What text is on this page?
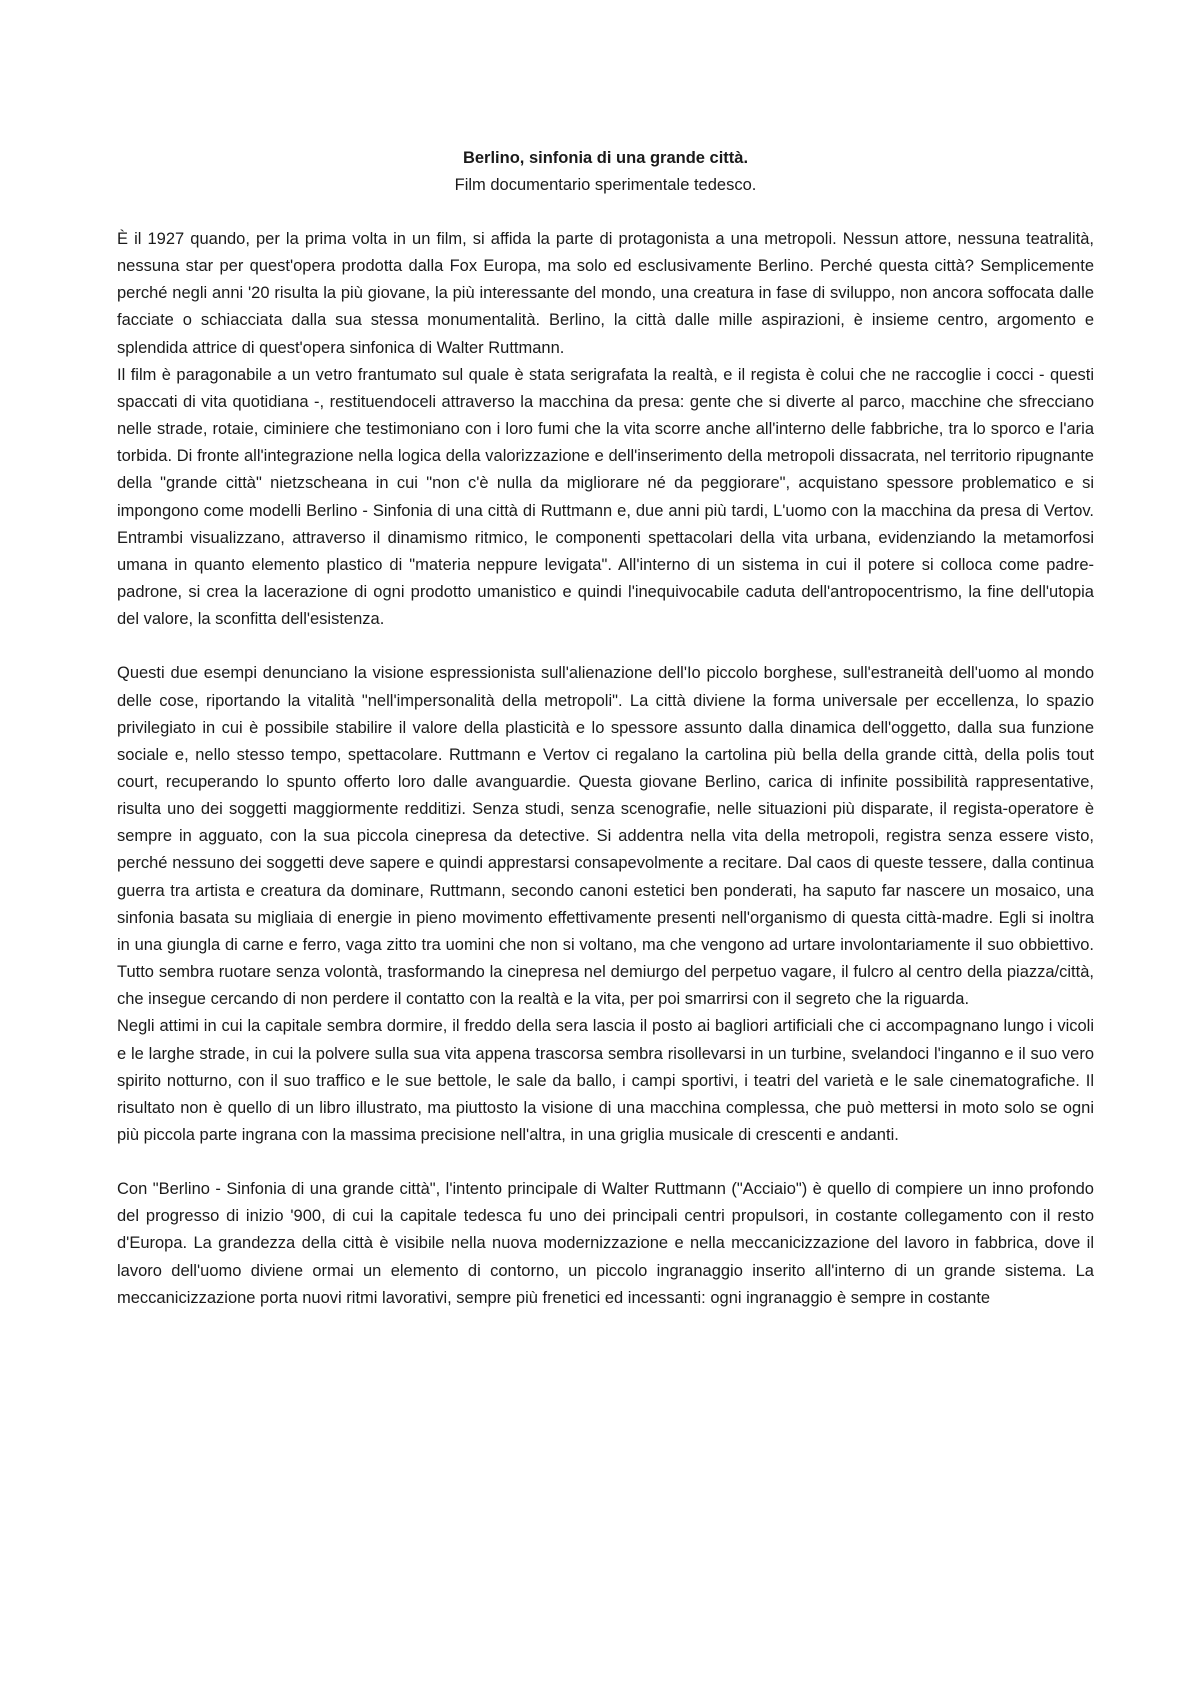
Berlino, sinfonia di una grande città.

Film documentario sperimentale tedesco.

È il 1927 quando, per la prima volta in un film, si affida la parte di protagonista a una metropoli. Nessun attore, nessuna teatralità, nessuna star per quest'opera prodotta dalla Fox Europa, ma solo ed esclusivamente Berlino. Perché questa città? Semplicemente perché negli anni '20 risulta la più giovane, la più interessante del mondo, una creatura in fase di sviluppo, non ancora soffocata dalle facciate o schiacciata dalla sua stessa monumentalità. Berlino, la città dalle mille aspirazioni, è insieme centro, argomento e splendida attrice di quest'opera sinfonica di Walter Ruttmann.

Il film è paragonabile a un vetro frantumato sul quale è stata serigrafata la realtà, e il regista è colui che ne raccoglie i cocci - questi spaccati di vita quotidiana -, restituendoceli attraverso la macchina da presa: gente che si diverte al parco, macchine che sfrecciano nelle strade, rotaie, ciminiere che testimoniano con i loro fumi che la vita scorre anche all'interno delle fabbriche, tra lo sporco e l'aria torbida. Di fronte all'integrazione nella logica della valorizzazione e dell'inserimento della metropoli dissacrata, nel territorio ripugnante della "grande città" nietzscheana in cui "non c'è nulla da migliorare né da peggiorare", acquistano spessore problematico e si impongono come modelli Berlino - Sinfonia di una città di Ruttmann e, due anni più tardi, L'uomo con la macchina da presa di Vertov. Entrambi visualizzano, attraverso il dinamismo ritmico, le componenti spettacolari della vita urbana, evidenziando la metamorfosi umana in quanto elemento plastico di "materia neppure levigata". All'interno di un sistema in cui il potere si colloca come padre-padrone, si crea la lacerazione di ogni prodotto umanistico e quindi l'inequivocabile caduta dell'antropocentrismo, la fine dell'utopia del valore, la sconfitta dell'esistenza.

Questi due esempi denunciano la visione espressionista sull'alienazione dell'Io piccolo borghese, sull'estraneità dell'uomo al mondo delle cose, riportando la vitalità "nell'impersonalità della metropoli". La città diviene la forma universale per eccellenza, lo spazio privilegiato in cui è possibile stabilire il valore della plasticità e lo spessore assunto dalla dinamica dell'oggetto, dalla sua funzione sociale e, nello stesso tempo, spettacolare. Ruttmann e Vertov ci regalano la cartolina più bella della grande città, della polis tout court, recuperando lo spunto offerto loro dalle avanguardie. Questa giovane Berlino, carica di infinite possibilità rappresentative, risulta uno dei soggetti maggiormente redditizi. Senza studi, senza scenografie, nelle situazioni più disparate, il regista-operatore è sempre in agguato, con la sua piccola cinepresa da detective. Si addentra nella vita della metropoli, registra senza essere visto, perché nessuno dei soggetti deve sapere e quindi apprestarsi consapevolmente a recitare. Dal caos di queste tessere, dalla continua guerra tra artista e creatura da dominare, Ruttmann, secondo canoni estetici ben ponderati, ha saputo far nascere un mosaico, una sinfonia basata su migliaia di energie in pieno movimento effettivamente presenti nell'organismo di questa città-madre. Egli si inoltra in una giungla di carne e ferro, vaga zitto tra uomini che non si voltano, ma che vengono ad urtare involontariamente il suo obbiettivo. Tutto sembra ruotare senza volontà, trasformando la cinepresa nel demiurgo del perpetuo vagare, il fulcro al centro della piazza/città, che insegue cercando di non perdere il contatto con la realtà e la vita, per poi smarrirsi con il segreto che la riguarda.

Negli attimi in cui la capitale sembra dormire, il freddo della sera lascia il posto ai bagliori artificiali che ci accompagnano lungo i vicoli e le larghe strade, in cui la polvere sulla sua vita appena trascorsa sembra risollevarsi in un turbine, svelandoci l'inganno e il suo vero spirito notturno, con il suo traffico e le sue bettole, le sale da ballo, i campi sportivi, i teatri del varietà e le sale cinematografiche. Il risultato non è quello di un libro illustrato, ma piuttosto la visione di una macchina complessa, che può mettersi in moto solo se ogni più piccola parte ingrana con la massima precisione nell'altra, in una griglia musicale di crescenti e andanti.

Con "Berlino - Sinfonia di una grande città", l'intento principale di Walter Ruttmann ("Acciaio") è quello di compiere un inno profondo del progresso di inizio '900, di cui la capitale tedesca fu uno dei principali centri propulsori, in costante collegamento con il resto d'Europa. La grandezza della città è visibile nella nuova modernizzazione e nella meccanicizzazione del lavoro in fabbrica, dove il lavoro dell'uomo diviene ormai un elemento di contorno, un piccolo ingranaggio inserito all'interno di un grande sistema. La meccanicizzazione porta nuovi ritmi lavorativi, sempre più frenetici ed incessanti: ogni ingranaggio è sempre in costante
